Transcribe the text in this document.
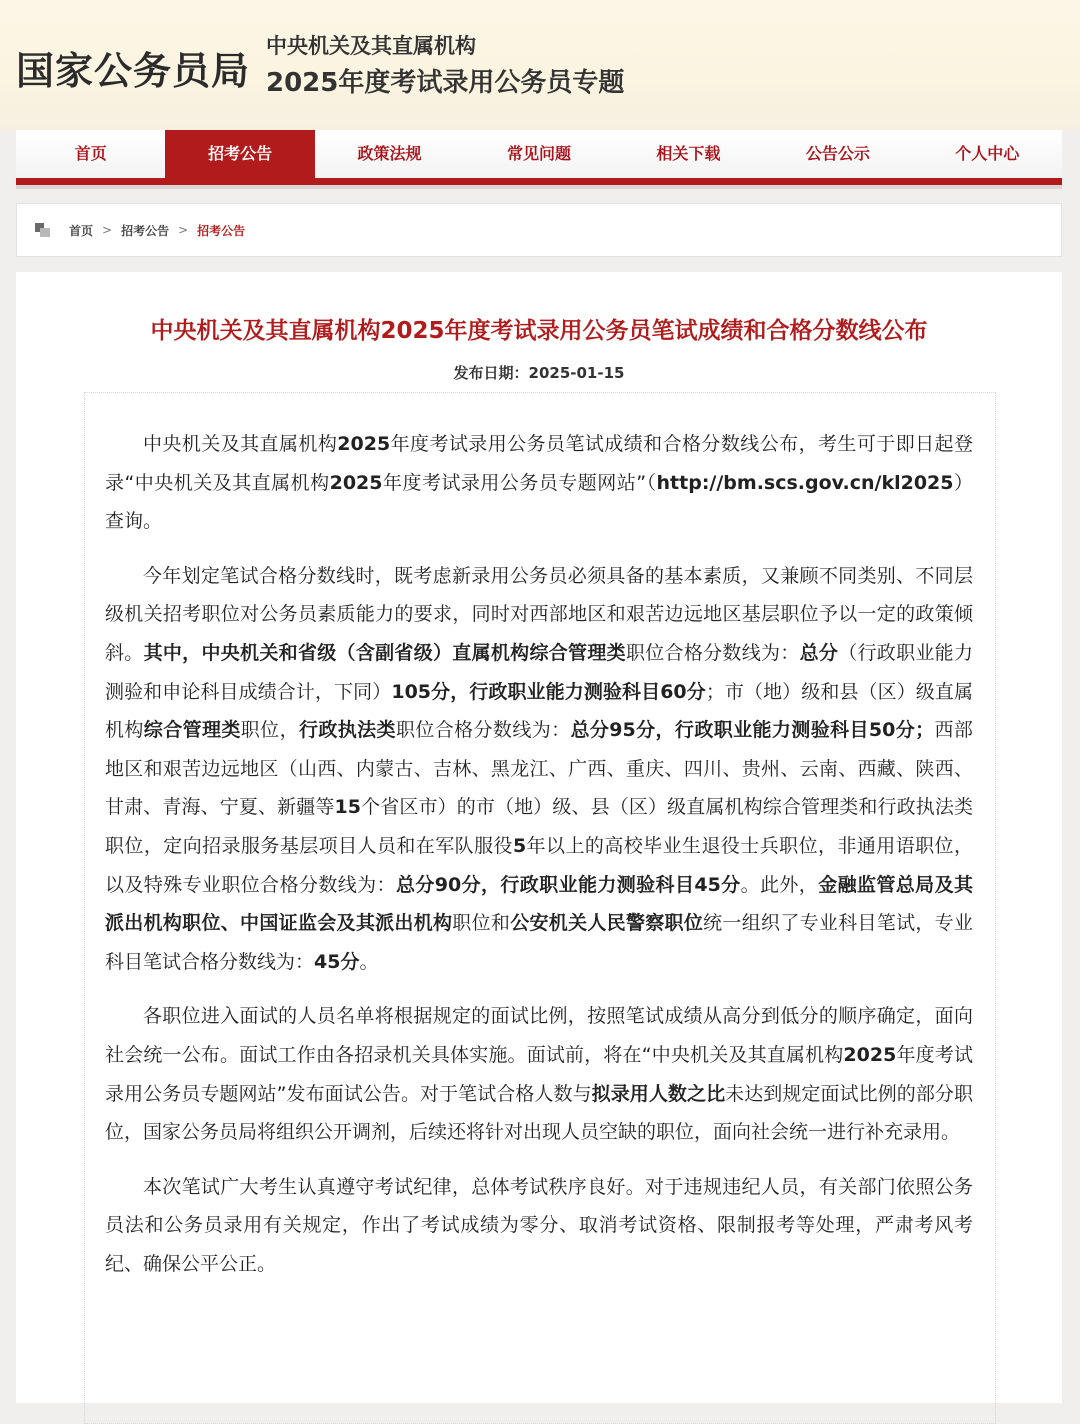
国家公务员局
中央机关及其直属机构
2025年度考试录用公务员专题
首页	招考公告	政策法规	常见问题	相关下载	公告公示	个人中心
首页 > 招考公告 > 招考公告
中央机关及其直属机构2025年度考试录用公务员笔试成绩和合格分数线公布
发布日期：2025-01-15

中央机关及其直属机构2025年度考试录用公务员笔试成绩和合格分数线公布，考生可于即日起登录“中央机关及其直属机构2025年度考试录用公务员专题网站”（http://bm.scs.gov.cn/kl2025）查询。

今年划定笔试合格分数线时，既考虑新录用公务员必须具备的基本素质，又兼顾不同类别、不同层级机关招考职位对公务员素质能力的要求，同时对西部地区和艰苦边远地区基层职位予以一定的政策倾斜。其中，中央机关和省级（含副省级）直属机构综合管理类职位合格分数线为：总分（行政职业能力测验和申论科目成绩合计，下同）105分，行政职业能力测验科目60分；市（地）级和县（区）级直属机构综合管理类职位，行政执法类职位合格分数线为：总分95分，行政职业能力测验科目50分；西部地区和艰苦边远地区（山西、内蒙古、吉林、黑龙江、广西、重庆、四川、贵州、云南、西藏、陕西、甘肃、青海、宁夏、新疆等15个省区市）的市（地）级、县（区）级直属机构综合管理类和行政执法类职位，定向招录服务基层项目人员和在军队服役5年以上的高校毕业生退役士兵职位，非通用语职位，以及特殊专业职位合格分数线为：总分90分，行政职业能力测验科目45分。此外，金融监管总局及其派出机构职位、中国证监会及其派出机构职位和公安机关人民警察职位统一组织了专业科目笔试，专业科目笔试合格分数线为：45分。

各职位进入面试的人员名单将根据规定的面试比例，按照笔试成绩从高分到低分的顺序确定，面向社会统一公布。面试工作由各招录机关具体实施。面试前，将在“中央机关及其直属机构2025年度考试录用公务员专题网站”发布面试公告。对于笔试合格人数与拟录用人数之比未达到规定面试比例的部分职位，国家公务员局将组织公开调剂，后续还将针对出现人员空缺的职位，面向社会统一进行补充录用。

本次笔试广大考生认真遵守考试纪律，总体考试秩序良好。对于违规违纪人员，有关部门依照公务员法和公务员录用有关规定，作出了考试成绩为零分、取消考试资格、限制报考等处理，严肃考风考纪、确保公平公正。
